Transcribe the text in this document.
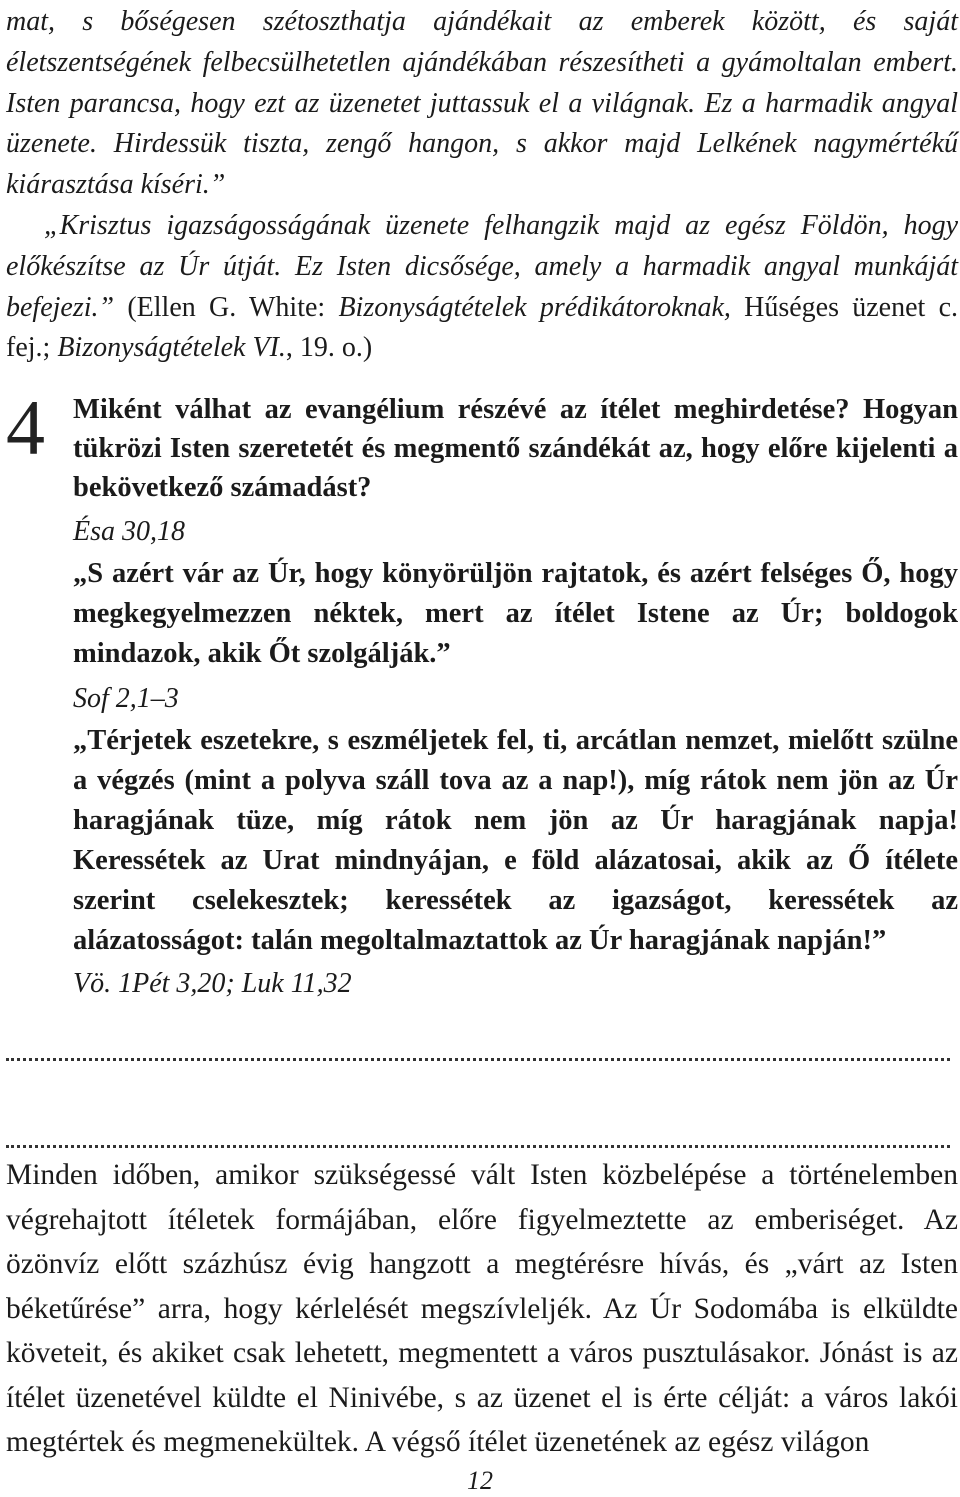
mat, s bőségesen szétoszthatja ajándékait az emberek között, és saját életszentségének felbecsülhetetlen ajándékában részesítheti a gyámoltalan embert. Isten parancsa, hogy ezt az üzenetet juttassuk el a világnak. Ez a harmadik angyal üzenete. Hirdessük tiszta, zengő hangon, s akkor majd Lelkének nagymértékű kiárasztása kíséri.”

„Krisztus igazságosságának üzenete felhangzik majd az egész Földön, hogy előkészítse az Úr útját. Ez Isten dicsősége, amely a harmadik angyal munkáját befejezi.” (Ellen G. White: Bizonyságtételek prédikátoroknak, Hűséges üzenet c. fej.; Bizonyságtételek VI., 19. o.)

4 Miként válhat az evangélium részévé az ítélet meghirdetése? Hogyan tükrözi Isten szeretetét és megmentő szándékát az, hogy előre kijelenti a bekövetkező számadást?
Ésa 30,18
„S azért vár az Úr, hogy könyörüljön rajtatok, és azért felséges Ő, hogy megkegyelmezzen néktek, mert az ítélet Istene az Úr; boldogok mindazok, akik Őt szolgálják.”
Sof 2,1–3
„Térjetek eszetekre, s eszméljetek fel, ti, arcátlan nemzet, mielőtt szülne a végzés (mint a polyva száll tova az a nap!), míg rátok nem jön az Úr haragjának tüze, míg rátok nem jön az Úr haragjának napja! Keressétek az Urat mindnyájan, e föld alázatosai, akik az Ő ítélete szerint cselekesztek; keressétek az igazságot, keressétek az alázatosságot: talán megoltalmaztattok az Úr haragjának napján!”
Vö. 1Pét 3,20; Luk 11,32

Minden időben, amikor szükségessé vált Isten közbelépése a történelemben végrehajtott ítéletek formájában, előre figyelmeztette az emberiséget. Az özönvíz előtt százhúsz évig hangzott a megtérésre hívás, és „várt az Isten béketűrése” arra, hogy kérlelését megszívleljék. Az Úr Sodomába is elküldte követeit, és akiket csak lehetett, megmentett a város pusztulásakor. Jónást is az ítélet üzenetével küldte el Ninivébe, s az üzenet el is érte célját: a város lakói megtértek és megmenekültek. A végső ítélet üzenetének az egész világon

12
